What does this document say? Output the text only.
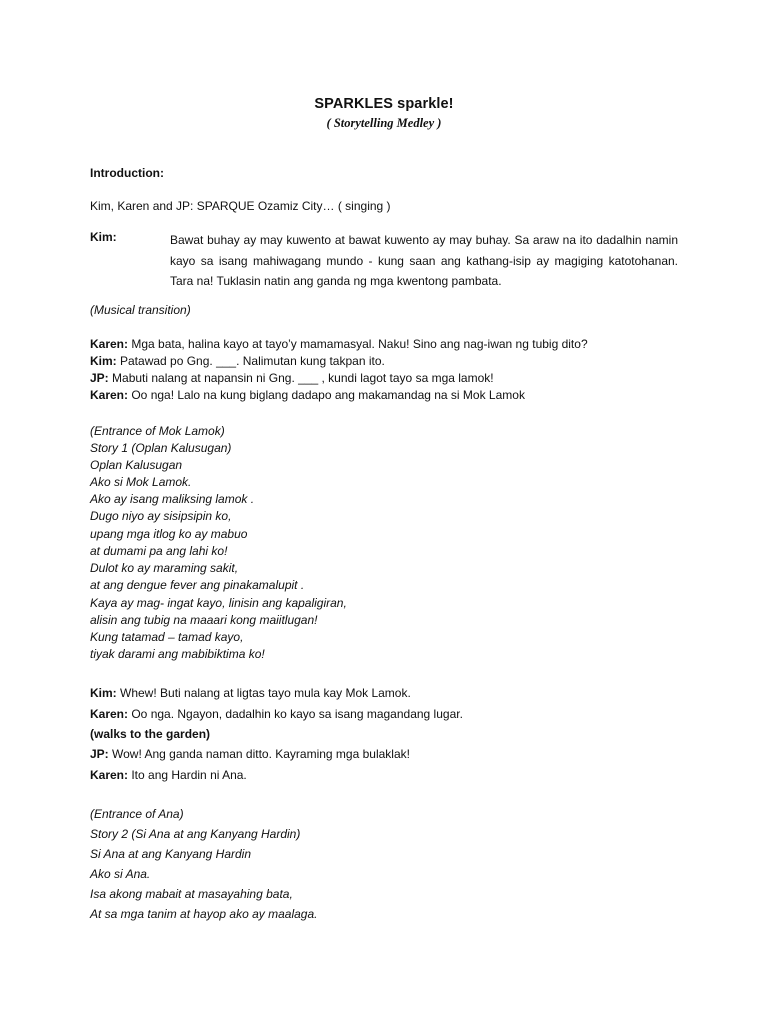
SPARKLES sparkle!
( Storytelling Medley )
Introduction:
Kim, Karen and JP: SPARQUE Ozamiz City… ( singing )
Kim:	Bawat buhay ay may kuwento at bawat kuwento ay may buhay. Sa araw na ito dadalhin namin kayo sa isang mahiwagang mundo - kung saan ang kathang-isip ay magiging katotohanan. Tara na! Tuklasin natin ang ganda ng mga kwentong pambata.
(Musical transition)
Karen: Mga bata, halina kayo at tayo’y mamamasyal. Naku! Sino ang nag-iwan ng tubig dito?
Kim: Patawad po Gng. ___. Nalimutan kung takpan ito.
JP: Mabuti nalang at napansin ni Gng. ___ , kundi lagot tayo sa mga lamok!
Karen: Oo nga! Lalo na kung biglang dadapo ang makamandag na si Mok Lamok
(Entrance of Mok Lamok)
Story 1 (Oplan Kalusugan)
Oplan Kalusugan
Ako si Mok Lamok.
Ako ay isang maliksing lamok .
Dugo niyo ay sisipsipin ko,
upang mga itlog ko ay mabuo
at dumami pa ang lahi ko!
Dulot ko ay maraming sakit,
at ang dengue fever ang pinakamalupit .
Kaya ay mag- ingat kayo, linisin ang kapaligiran,
alisin ang tubig na maaari kong maiitlugan!
Kung tatamad – tamad kayo,
tiyak darami ang mabibiktima ko!
Kim: Whew! Buti nalang at ligtas tayo mula kay Mok Lamok.
Karen: Oo nga. Ngayon, dadalhin ko kayo sa isang magandang lugar.
(walks to the garden)
JP: Wow! Ang ganda naman ditto. Kayraming mga bulaklak!
Karen: Ito ang Hardin ni Ana.
(Entrance of Ana)
Story 2 (Si Ana at ang Kanyang Hardin)
Si Ana at ang Kanyang Hardin
Ako si Ana.
Isa akong mabait at masayahing bata,
At sa mga tanim at hayop ako ay maalaga.
